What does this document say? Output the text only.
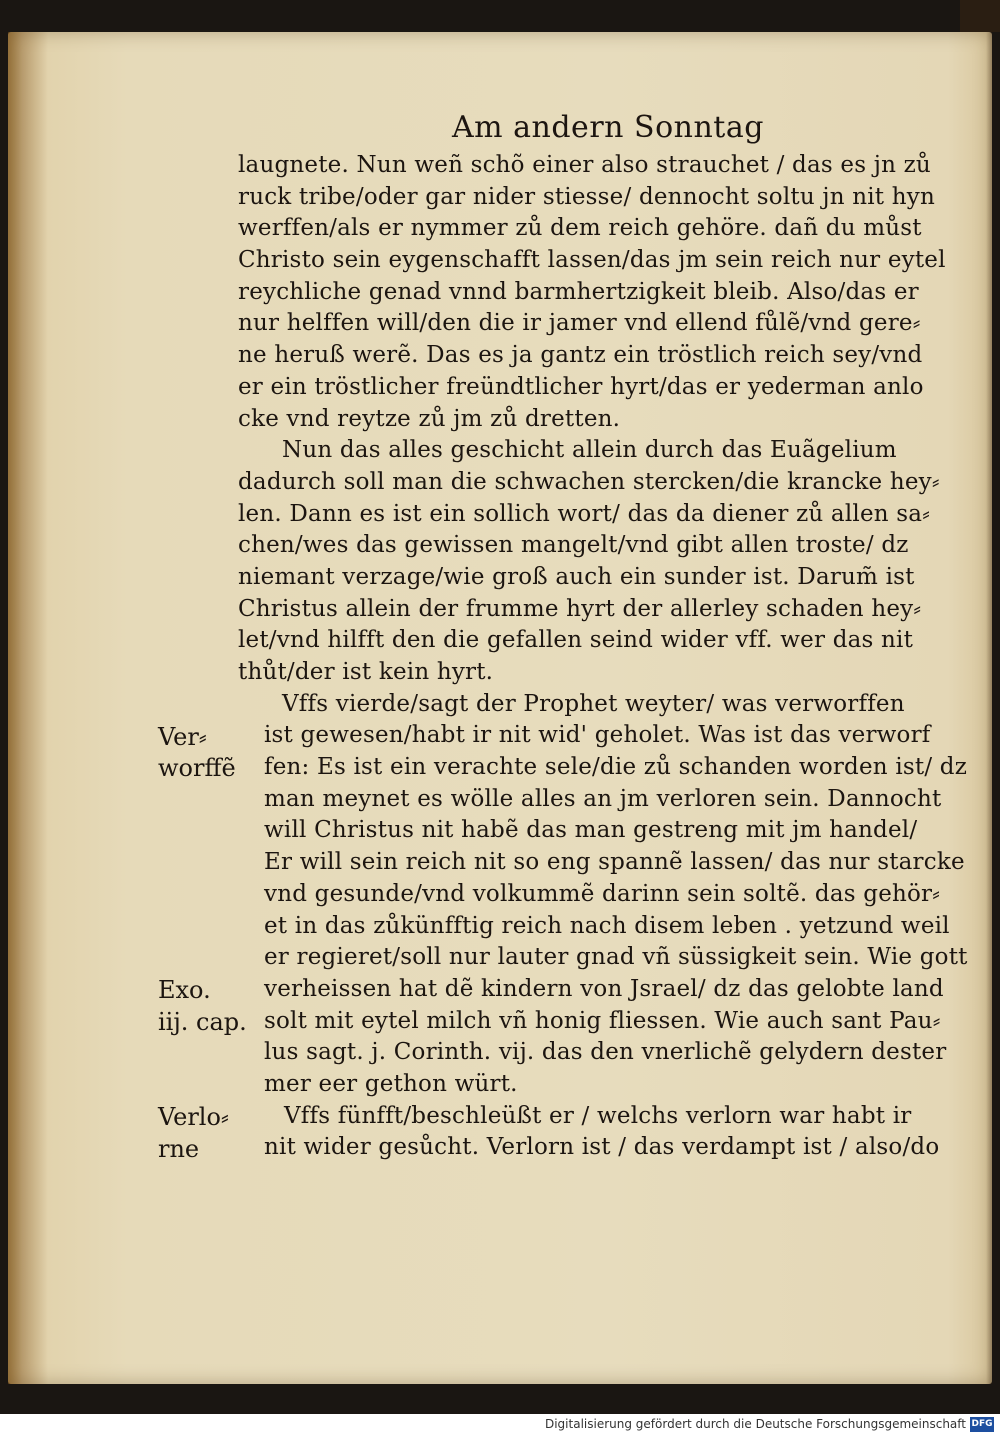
Am andern Sonntag
laugnete. Nun weñ schõ einer also strauchet / das es jn zů
ruck tribe/oder gar nider stiesse/ dennocht soltu jn nit hyn
werffen/als er nymmer zů dem reich gehöre. dañ du můst
Christo sein eygenschafft lassen/das jm sein reich nur eytel
reychliche genad vnnd barmhertzigkeit bleib. Also/das er
nur helffen will/den die ir jamer vnd ellend fůlẽ/vnd gere⸗
ne heruß werẽ. Das es ja gantz ein tröstlich reich sey/vnd
er ein tröstlicher freündtlicher hyrt/das er yederman anlo
cke vnd reytze zů jm zů dretten.
Nun das alles geschicht allein durch das Euãgelium
dadurch soll man die schwachen stercken/die krancke hey⸗
len. Dann es ist ein sollich wort/ das da diener zů allen sa⸗
chen/wes das gewissen mangelt/vnd gibt allen troste/ dz
niemant verzage/wie groß auch ein sunder ist. Darum̃ ist
Christus allein der frumme hyrt der allerley schaden hey⸗
let/vnd hilfft den die gefallen seind wider vff. wer das nit
thůt/der ist kein hyrt.
Vffs vierde/sagt der Prophet weyter/ was verworffen
ist gewesen/habt ir nit wid' geholet. Was ist das verworf
fen: Es ist ein verachte sele/die zů schanden worden ist/ dz
man meynet es wölle alles an jm verloren sein. Dannocht
will Christus nit habẽ das man gestreng mit jm handel/
Er will sein reich nit so eng spannẽ lassen/ das nur starcke
vnd gesunde/vnd volkummẽ darinn sein soltẽ. das gehör⸗
et in das zůkünfftig reich nach disem leben . yetzund weil
er regieret/soll nur lauter gnad vñ süssigkeit sein. Wie gott
verheissen hat dẽ kindern von Jsrael/ dz das gelobte land
solt mit eytel milch vñ honig fliessen. Wie auch sant Pau⸗
lus sagt. j. Corinth. vij. das den vnerlichẽ gelydern dester
mer eer gethon würt.
Vffs fünfft/beschleüßt er / welchs verlorn war habt ir
nit wider gesůcht. Verlorn ist / das verdampt ist / also/do
Ver⸗
worffẽ
Exo.
iij. cap.
Verlo⸗
rne
Digitalisierung gefördert durch die Deutsche Forschungsgemeinschaft DFG
